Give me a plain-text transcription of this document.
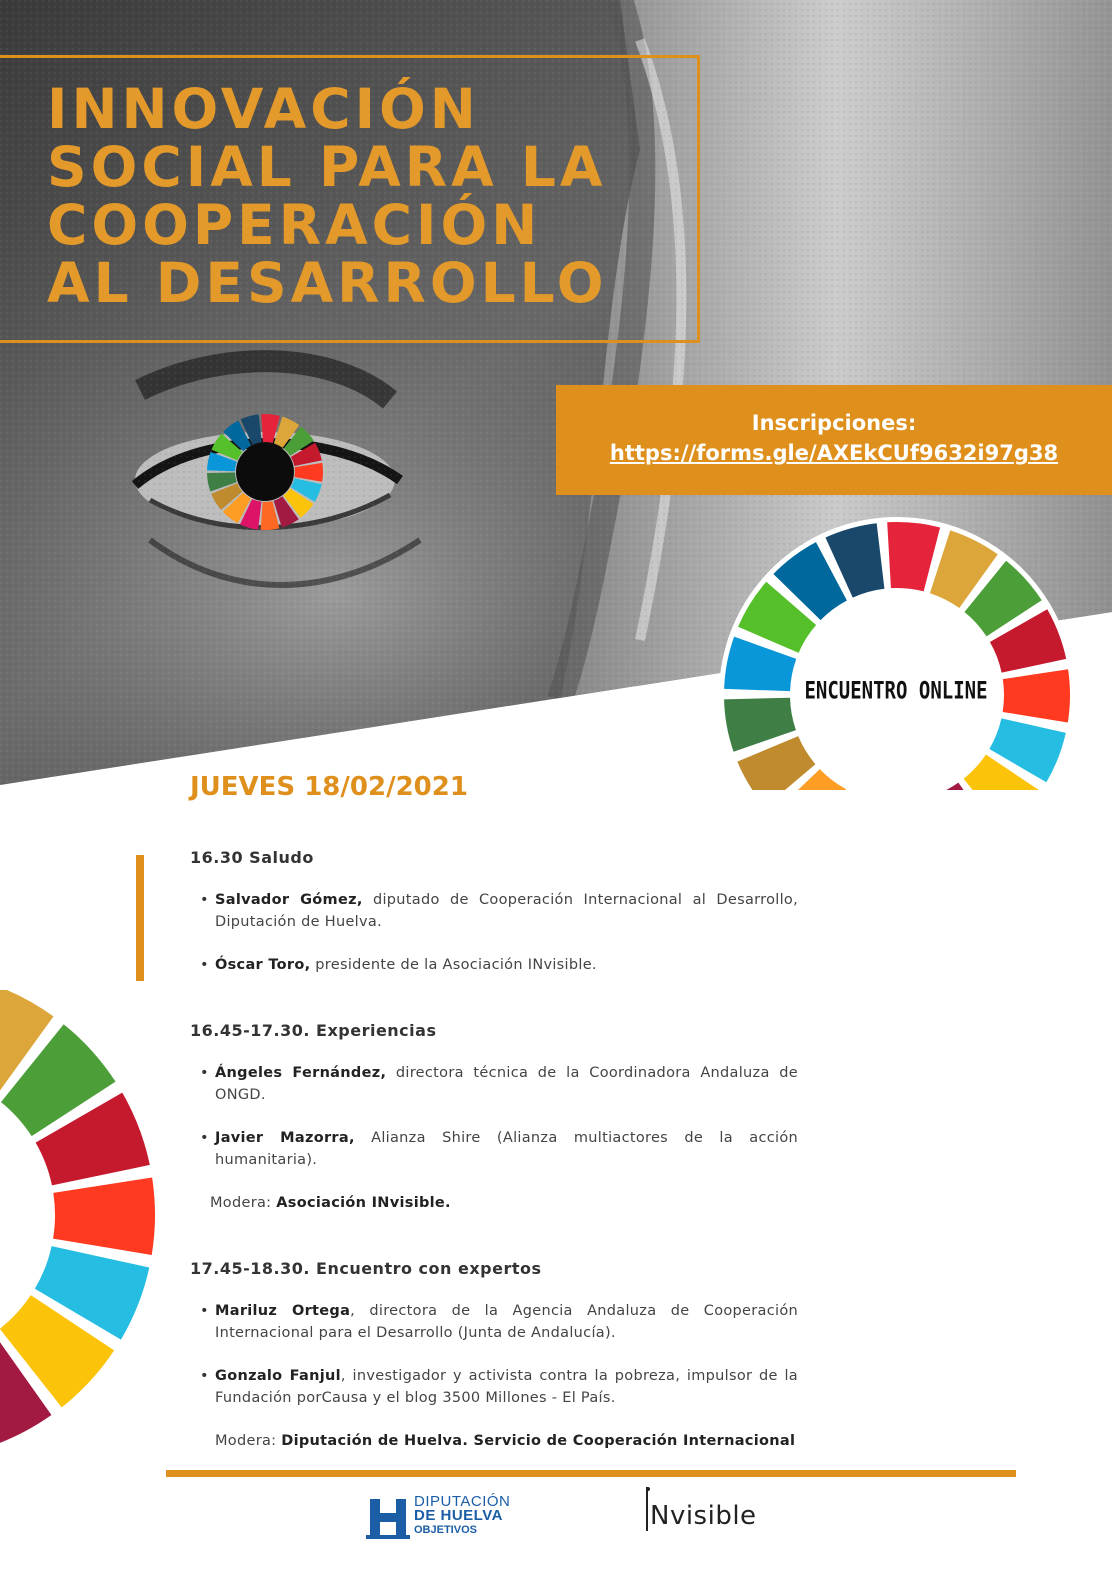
INNOVACIÓN
SOCIAL PARA LA
COOPERACIÓN
AL DESARROLLO
Inscripciones:
https://forms.gle/AXEkCUf9632i97g38
ENCUENTRO ONLINE
JUEVES 18/02/2021
16.30 Saludo
• Salvador Gómez, diputado de Cooperación Internacional al Desarrollo, Diputación de Huelva.
• Óscar Toro, presidente de la Asociación INvisible.
16.45-17.30. Experiencias
• Ángeles Fernández, directora técnica de la Coordinadora Andaluza de ONGD.
• Javier Mazorra, Alianza Shire (Alianza multiactores de la acción humanitaria).
Modera: Asociación INvisible.
17.45-18.30. Encuentro con expertos
• Mariluz Ortega, directora de la Agencia Andaluza de Cooperación Internacional para el Desarrollo (Junta de Andalucía).
• Gonzalo Fanjul, investigador y activista contra la pobreza, impulsor de la Fundación porCausa y el blog 3500 Millones - El País.
Modera: Diputación de Huelva. Servicio de Cooperación Internacional
DIPUTACIÓN
DE HUELVA
OBJETIVOS	Nvisible
